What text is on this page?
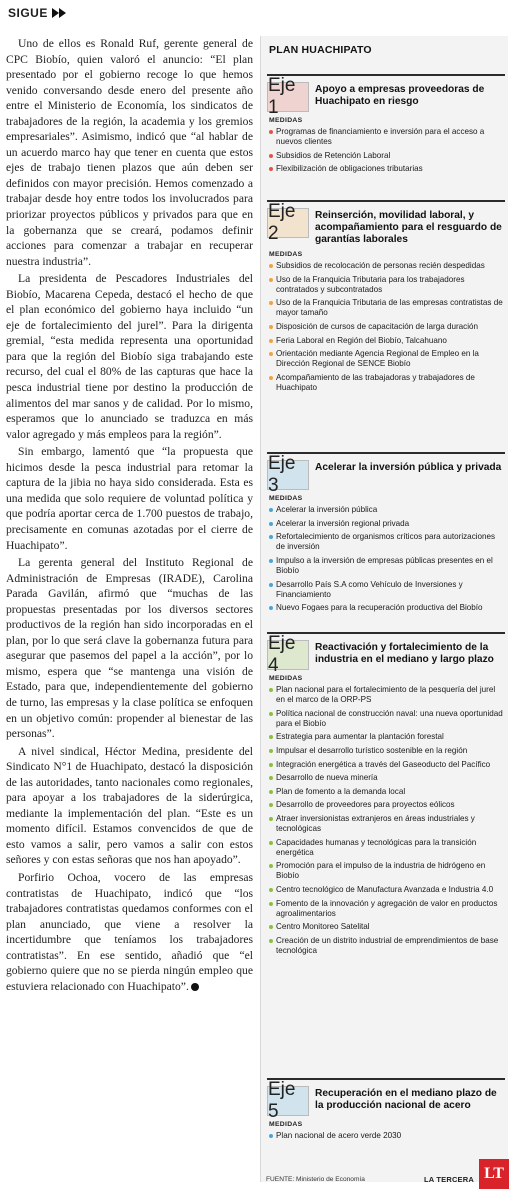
SIGUE

Uno de ellos es Ronald Ruf, gerente general de CPC Biobío, quien valoró el anuncio: “El plan presentado por el gobierno recoge lo que hemos venido conversando desde enero del presente año entre el Ministerio de Economía, los sindicatos de trabajadores de la región, la academia y los gremios empresariales”. Asimismo, indicó que “al hablar de un acuerdo marco hay que tener en cuenta que estos ejes de trabajo tienen plazos que aún deben ser definidos con mayor precisión. Hemos comenzado a trabajar desde hoy entre todos los involucrados para priorizar proyectos públicos y privados para que en la gobernanza que se creará, podamos definir acciones para comenzar a trabajar en recuperar nuestra industria”.

La presidenta de Pescadores Industriales del Biobío, Macarena Cepeda, destacó el hecho de que el plan económico del gobierno haya incluido “un eje de fortalecimiento del jurel”. Para la dirigenta gremial, “esta medida representa una oportunidad para que la región del Biobío siga trabajando este recurso, del cual el 80% de las capturas que hace la pesca industrial tiene por destino la producción de alimentos del mar sanos y de calidad. Por lo mismo, esperamos que lo anunciado se traduzca en más valor agregado y más empleos para la región”.

Sin embargo, lamentó que “la propuesta que hicimos desde la pesca industrial para retomar la captura de la jibia no haya sido considerada. Esta es una medida que solo requiere de voluntad política y que podría aportar cerca de 1.700 puestos de trabajo, precisamente en comunas azotadas por el cierre de Huachipato”.

La gerenta general del Instituto Regional de Administración de Empresas (IRADE), Carolina Parada Gavilán, afirmó que “muchas de las propuestas presentadas por los diversos sectores productivos de la región han sido incorporadas en el plan, por lo que será clave la gobernanza futura para asegurar que pasemos del papel a la acción”, por lo mismo, espera que “se mantenga una visión de Estado, para que, independientemente del gobierno de turno, las empresas y la clase política se enfoquen en un objetivo común: propender al bienestar de las personas”.

A nivel sindical, Héctor Medina, presidente del Sindicato N°1 de Huachipato, destacó la disposición de las autoridades, tanto nacionales como regionales, para apoyar a los trabajadores de la siderúrgica, mediante la implementación del plan. “Este es un momento difícil. Estamos convencidos de que de esto vamos a salir, pero vamos a salir con estos señores y con estas señoras que nos han apoyado”.

Porfirio Ochoa, vocero de las empresas contratistas de Huachipato, indicó que “los trabajadores contratistas quedamos conformes con el plan anunciado, que viene a resolver la incertidumbre que teníamos los trabajadores contratistas”. En ese sentido, añadió que “el gobierno quiere que no se pierda ningún empleo que estuviera relacionado con Huachipato”.

PLAN HUACHIPATO
Eje 1
Apoyo a empresas proveedoras de Huachipato en riesgo
MEDIDAS
Programas de financiamiento e inversión para el acceso a nuevos clientes
Subsidios de Retención Laboral
Flexibilización de obligaciones tributarias
Eje 2
Reinserción, movilidad laboral, y acompañamiento para el resguardo de garantías laborales
MEDIDAS
Subsidios de recolocación de personas recién despedidas
Uso de la Franquicia Tributaria para los trabajadores contratados y subcontratados
Uso de la Franquicia Tributaria de las empresas contratistas de mayor tamaño
Disposición de cursos de capacitación de larga duración
Feria Laboral en Región del Biobío, Talcahuano
Orientación mediante Agencia Regional de Empleo en la Dirección Regional de SENCE Biobío
Acompañamiento de las trabajadoras y trabajadores de Huachipato
Eje 3
Acelerar la inversión pública y privada
MEDIDAS
Acelerar la inversión pública
Acelerar la inversión regional privada
Refortalecimiento de organismos críticos para autorizaciones de inversión
Impulso a la inversión de empresas públicas presentes en el Biobío
Desarrollo País S.A como Vehículo de Inversiones y Financiamiento
Nuevo Fogaes para la recuperación productiva del Biobío
Eje 4
Reactivación y fortalecimiento de la industria en el mediano y largo plazo
MEDIDAS
Plan nacional para el fortalecimiento de la pesquería del jurel en el marco de la ORP-PS
Política nacional de construcción naval: una nueva oportunidad para el Biobío
Estrategia para aumentar la plantación forestal
Impulsar el desarrollo turístico sostenible en la región
Integración energética a través del Gaseoducto del Pacífico
Desarrollo de nueva minería
Plan de fomento a la demanda local
Desarrollo de proveedores para proyectos eólicos
Atraer inversionistas extranjeros en áreas industriales y tecnológicas
Capacidades humanas y tecnológicas para la transición energética
Promoción para el impulso de la industria de hidrógeno en Biobío
Centro tecnológico de Manufactura Avanzada e Industria 4.0
Fomento de la innovación y agregación de valor en productos agroalimentarios
Centro Monitoreo Satelital
Creación de un distrito industrial de emprendimientos de base tecnológica
Eje 5
Recuperación en el mediano plazo de la producción nacional de acero
MEDIDAS
Plan nacional de acero verde 2030
FUENTE: Ministerio de Economía	LA TERCERA LT
